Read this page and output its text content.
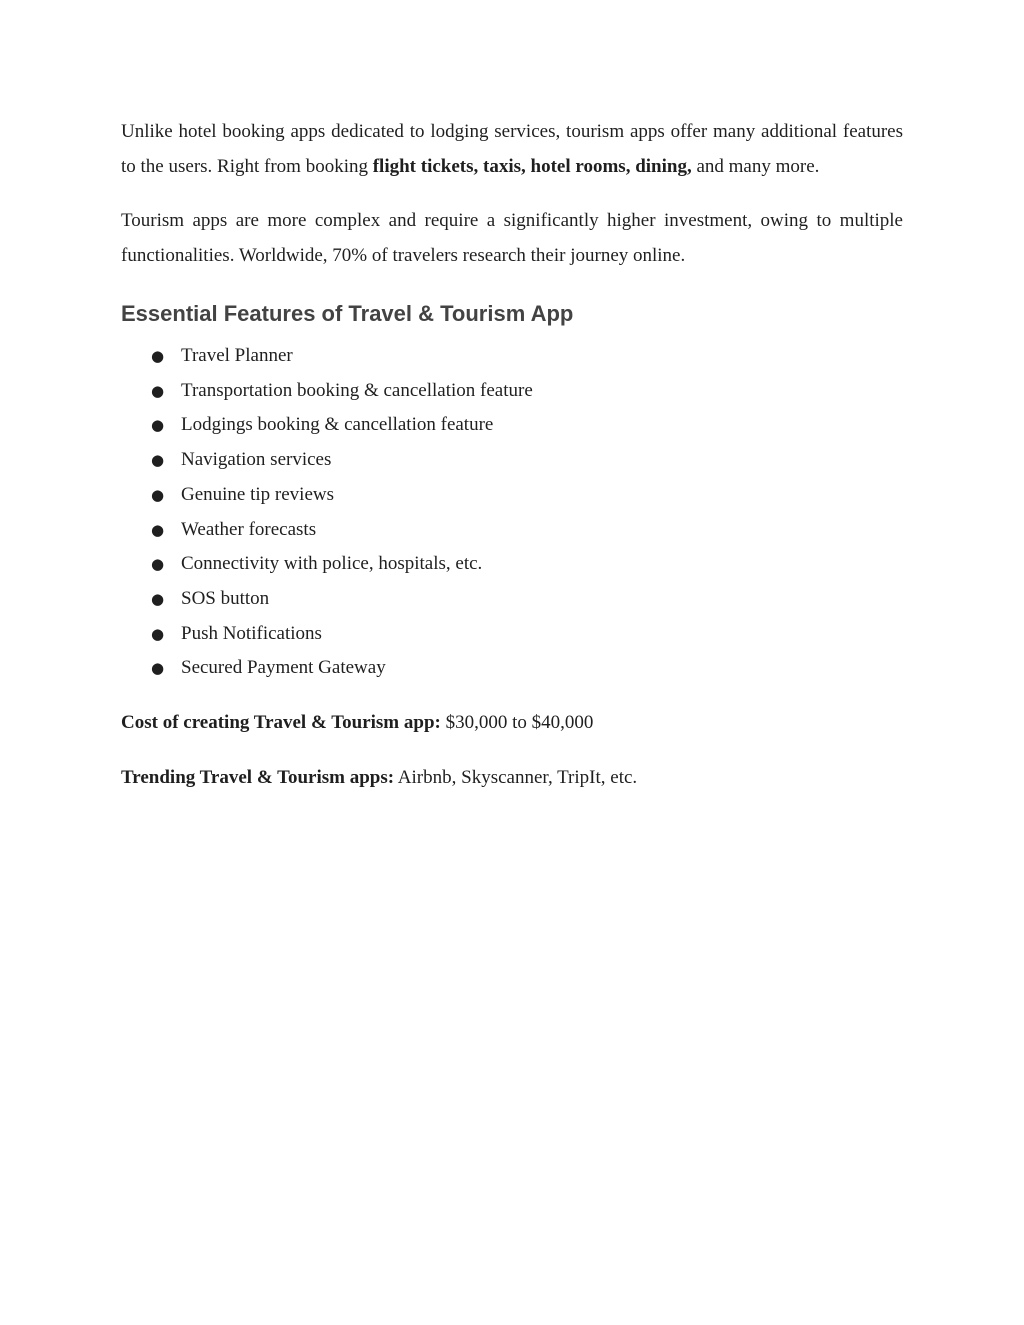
Unlike hotel booking apps dedicated to lodging services, tourism apps offer many additional features to the users. Right from booking flight tickets, taxis, hotel rooms, dining, and many more.

Tourism apps are more complex and require a significantly higher investment, owing to multiple functionalities. Worldwide, 70% of travelers research their journey online.

Essential Features of Travel & Tourism App
● Travel Planner
● Transportation booking & cancellation feature
● Lodgings booking & cancellation feature
● Navigation services
● Genuine tip reviews
● Weather forecasts
● Connectivity with police, hospitals, etc.
● SOS button
● Push Notifications
● Secured Payment Gateway

Cost of creating Travel & Tourism app: $30,000 to $40,000

Trending Travel & Tourism apps: Airbnb, Skyscanner, TripIt, etc.
